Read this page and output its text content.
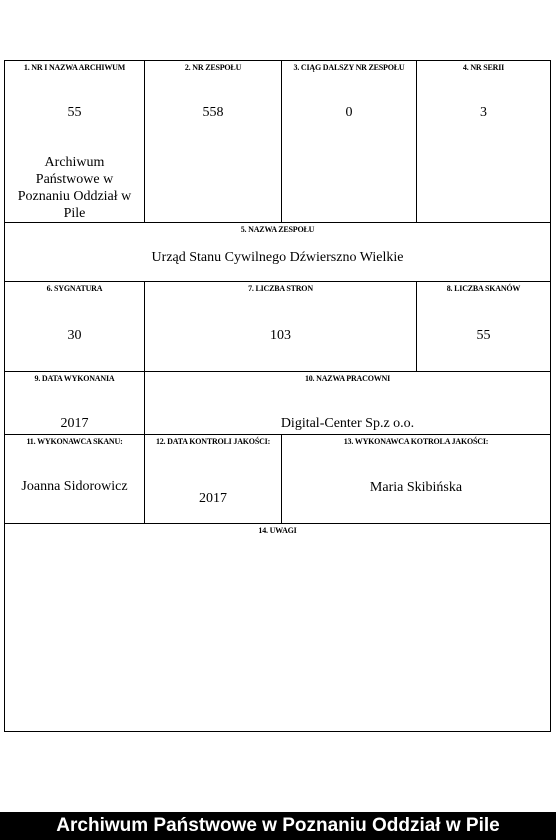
1. NR I NAZWA ARCHIWUM
55
Archiwum Państwowe w Poznaniu Oddział w Pile
2. NR ZESPOŁU
558
3. CIĄG DALSZY NR ZESPOŁU
0
4. NR SERII
3
5. NAZWA ZESPOŁU
Urząd Stanu Cywilnego Dźwierszno Wielkie
6. SYGNATURA
30
7. LICZBA STRON
103
8. LICZBA SKANÓW
55
9. DATA WYKONANIA
2017
10. NAZWA PRACOWNI
Digital-Center Sp.z o.o.
11. WYKONAWCA SKANU:
Joanna Sidorowicz
12. DATA KONTROLI JAKOŚCI:
2017
13. WYKONAWCA KOTROLA JAKOŚCI:
Maria Skibińska
14. UWAGI
Archiwum Państwowe w Poznaniu Oddział w Pile
